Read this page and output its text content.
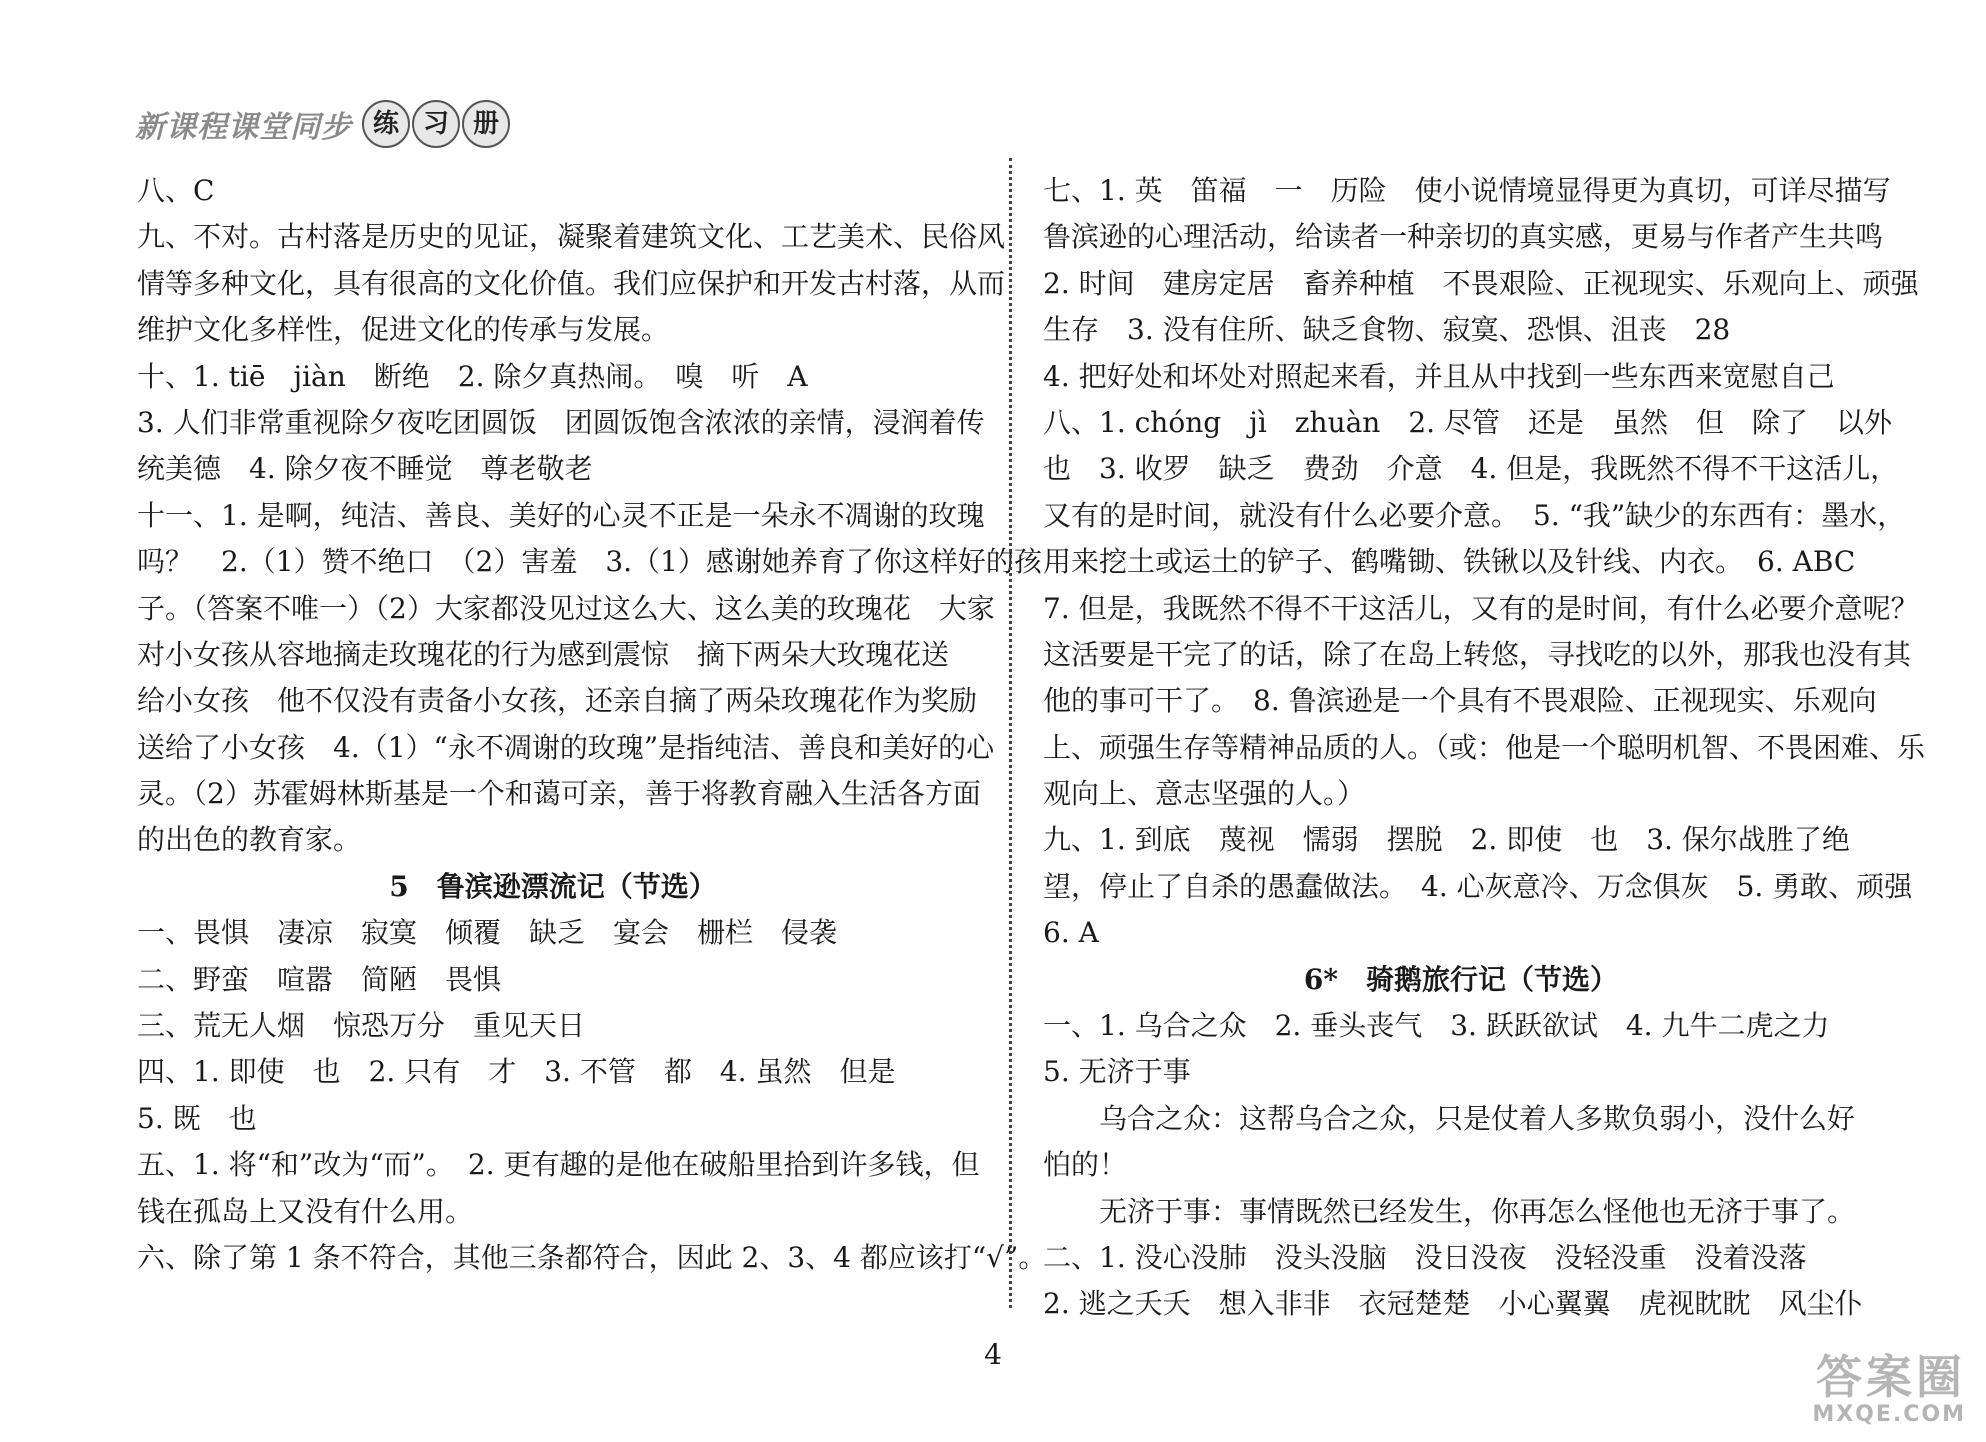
新课程课堂同步 练 习 册
八、C
九、不对。古村落是历史的见证，凝聚着建筑文化、工艺美术、民俗风
情等多种文化，具有很高的文化价值。我们应保护和开发古村落，从而
维护文化多样性，促进文化的传承与发展。
十、1. tiē　jiàn　断绝　2. 除夕真热闹。　嗅　听　A
3. 人们非常重视除夕夜吃团圆饭　团圆饭饱含浓浓的亲情，浸润着传
统美德　4. 除夕夜不睡觉　尊老敬老
十一、1. 是啊，纯洁、善良、美好的心灵不正是一朵永不凋谢的玫瑰
吗？　2.（1）赞不绝口　（2）害羞　3.（1）感谢她养育了你这样好的孩
子。（答案不唯一）（2）大家都没见过这么大、这么美的玫瑰花　大家
对小女孩从容地摘走玫瑰花的行为感到震惊　摘下两朵大玫瑰花送
给小女孩　他不仅没有责备小女孩，还亲自摘了两朵玫瑰花作为奖励
送给了小女孩　4.（1）“永不凋谢的玫瑰”是指纯洁、善良和美好的心
灵。（2）苏霍姆林斯基是一个和蔼可亲，善于将教育融入生活各方面
的出色的教育家。
5　鲁滨逊漂流记（节选）
一、畏惧　凄凉　寂寞　倾覆　缺乏　宴会　栅栏　侵袭
二、野蛮　喧嚣　简陋　畏惧
三、荒无人烟　惊恐万分　重见天日
四、1. 即使　也　2. 只有　才　3. 不管　都　4. 虽然　但是
5. 既　也
五、1. 将“和”改为“而”。　2. 更有趣的是他在破船里拾到许多钱，但
钱在孤岛上又没有什么用。
六、除了第 1 条不符合，其他三条都符合，因此 2、3、4 都应该打“√”。
七、1. 英　笛福　一　历险　使小说情境显得更为真切，可详尽描写
鲁滨逊的心理活动，给读者一种亲切的真实感，更易与作者产生共鸣
2. 时间　建房定居　畜养种植　不畏艰险、正视现实、乐观向上、顽强
生存　3. 没有住所、缺乏食物、寂寞、恐惧、沮丧　28
4. 把好处和坏处对照起来看，并且从中找到一些东西来宽慰自己
八、1. chóng　jì　zhuàn　2. 尽管　还是　虽然　但　除了　以外
也　3. 收罗　缺乏　费劲　介意　4. 但是，我既然不得不干这活儿，
又有的是时间，就没有什么必要介意。　5. “我”缺少的东西有：墨水，
用来挖土或运土的铲子、鹤嘴锄、铁锹以及针线、内衣。　6. ABC
7. 但是，我既然不得不干这活儿，又有的是时间，有什么必要介意呢？
这活要是干完了的话，除了在岛上转悠，寻找吃的以外，那我也没有其
他的事可干了。　8. 鲁滨逊是一个具有不畏艰险、正视现实、乐观向
上、顽强生存等精神品质的人。（或：他是一个聪明机智、不畏困难、乐
观向上、意志坚强的人。）
九、1. 到底　蔑视　懦弱　摆脱　2. 即使　也　3. 保尔战胜了绝
望，停止了自杀的愚蠢做法。　4. 心灰意冷、万念俱灰　5. 勇敢、顽强
6. A
6*　骑鹅旅行记（节选）
一、1. 乌合之众　2. 垂头丧气　3. 跃跃欲试　4. 九牛二虎之力
5. 无济于事
乌合之众：这帮乌合之众，只是仗着人多欺负弱小，没什么好
怕的！
无济于事：事情既然已经发生，你再怎么怪他也无济于事了。
二、1. 没心没肺　没头没脑　没日没夜　没轻没重　没着没落
2. 逃之夭夭　想入非非　衣冠楚楚　小心翼翼　虎视眈眈　风尘仆
4	答案圈
MXQE.COM
